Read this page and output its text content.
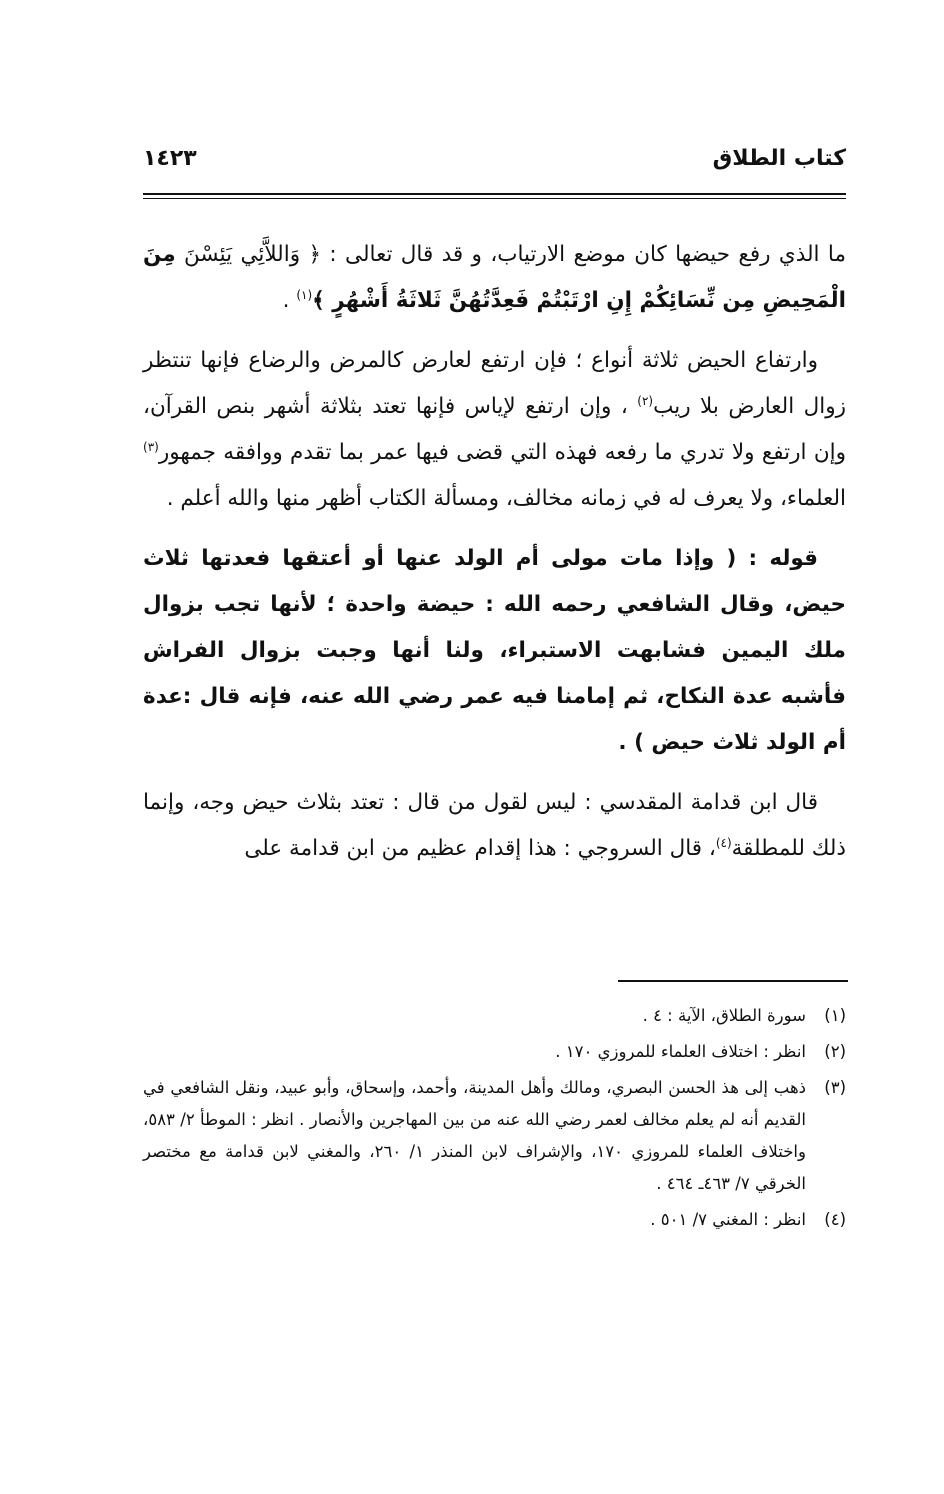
كتاب الطلاق
١٤٢٣

ما الذي رفع حيضها كان موضع الارتياب، و قد قال تعالى : ﴿ وَاللاَّئِي يَئِسْنَ مِنَ الْمَحِيضِ مِن نِّسَائِكُمْ إِنِ ارْتَبْتُمْ فَعِدَّتُهُنَّ ثَلاثَةُ أَشْهُرٍ ﴾$^{(١)}$ .

وارتفاع الحيض ثلاثة أنواع ؛ فإن ارتفع لعارض كالمرض والرضاع فإنها تنتظر زوال العارض بلا ريب$^{(٢)}$ ، وإن ارتفع لإياس فإنها تعتد بثلاثة أشهر بنص القرآن، وإن ارتفع ولا تدري ما رفعه فهذه التي قضى فيها عمر بما تقدم ووافقه جمهور$^{(٣)}$ العلماء، ولا يعرف له في زمانه مخالف، ومسألة الكتاب أظهر منها والله أعلم .

قوله : ( وإذا مات مولى أم الولد عنها أو أعتقها فعدتها ثلاث حيض، وقال الشافعي رحمه الله : حيضة واحدة ؛ لأنها تجب بزوال ملك اليمين فشابهت الاستبراء، ولنا أنها وجبت بزوال الفراش فأشبه عدة النكاح، ثم إمامنا فيه عمر رضي الله عنه، فإنه قال :عدة أم الولد ثلاث حيض ) .

قال ابن قدامة المقدسي : ليس لقول من قال : تعتد بثلاث حيض وجه، وإنما ذلك للمطلقة$^{(٤)}$، قال السروجي : هذا إقدام عظيم من ابن قدامة على

(١)
سورة الطلاق، الآية : ٤ .
(٢)
انظر : اختلاف العلماء للمروزي ١٧٠ .
(٣)
ذهب إلى هذ الحسن البصري، ومالك وأهل المدينة، وأحمد، وإسحاق، وأبو عبيد، ونقل الشافعي في القديم أنه لم يعلم مخالف لعمر رضي الله عنه من بين المهاجرين والأنصار . انظر : الموطأ ٢/ ٥٨٣، واختلاف العلماء للمروزي ١٧٠، والإشراف لابن المنذر ١/ ٢٦٠، والمغني لابن قدامة مع مختصر الخرقي ٧/ ٤٦٣ـ ٤٦٤ .
(٤)
انظر : المغني ٧/ ٥٠١ .
